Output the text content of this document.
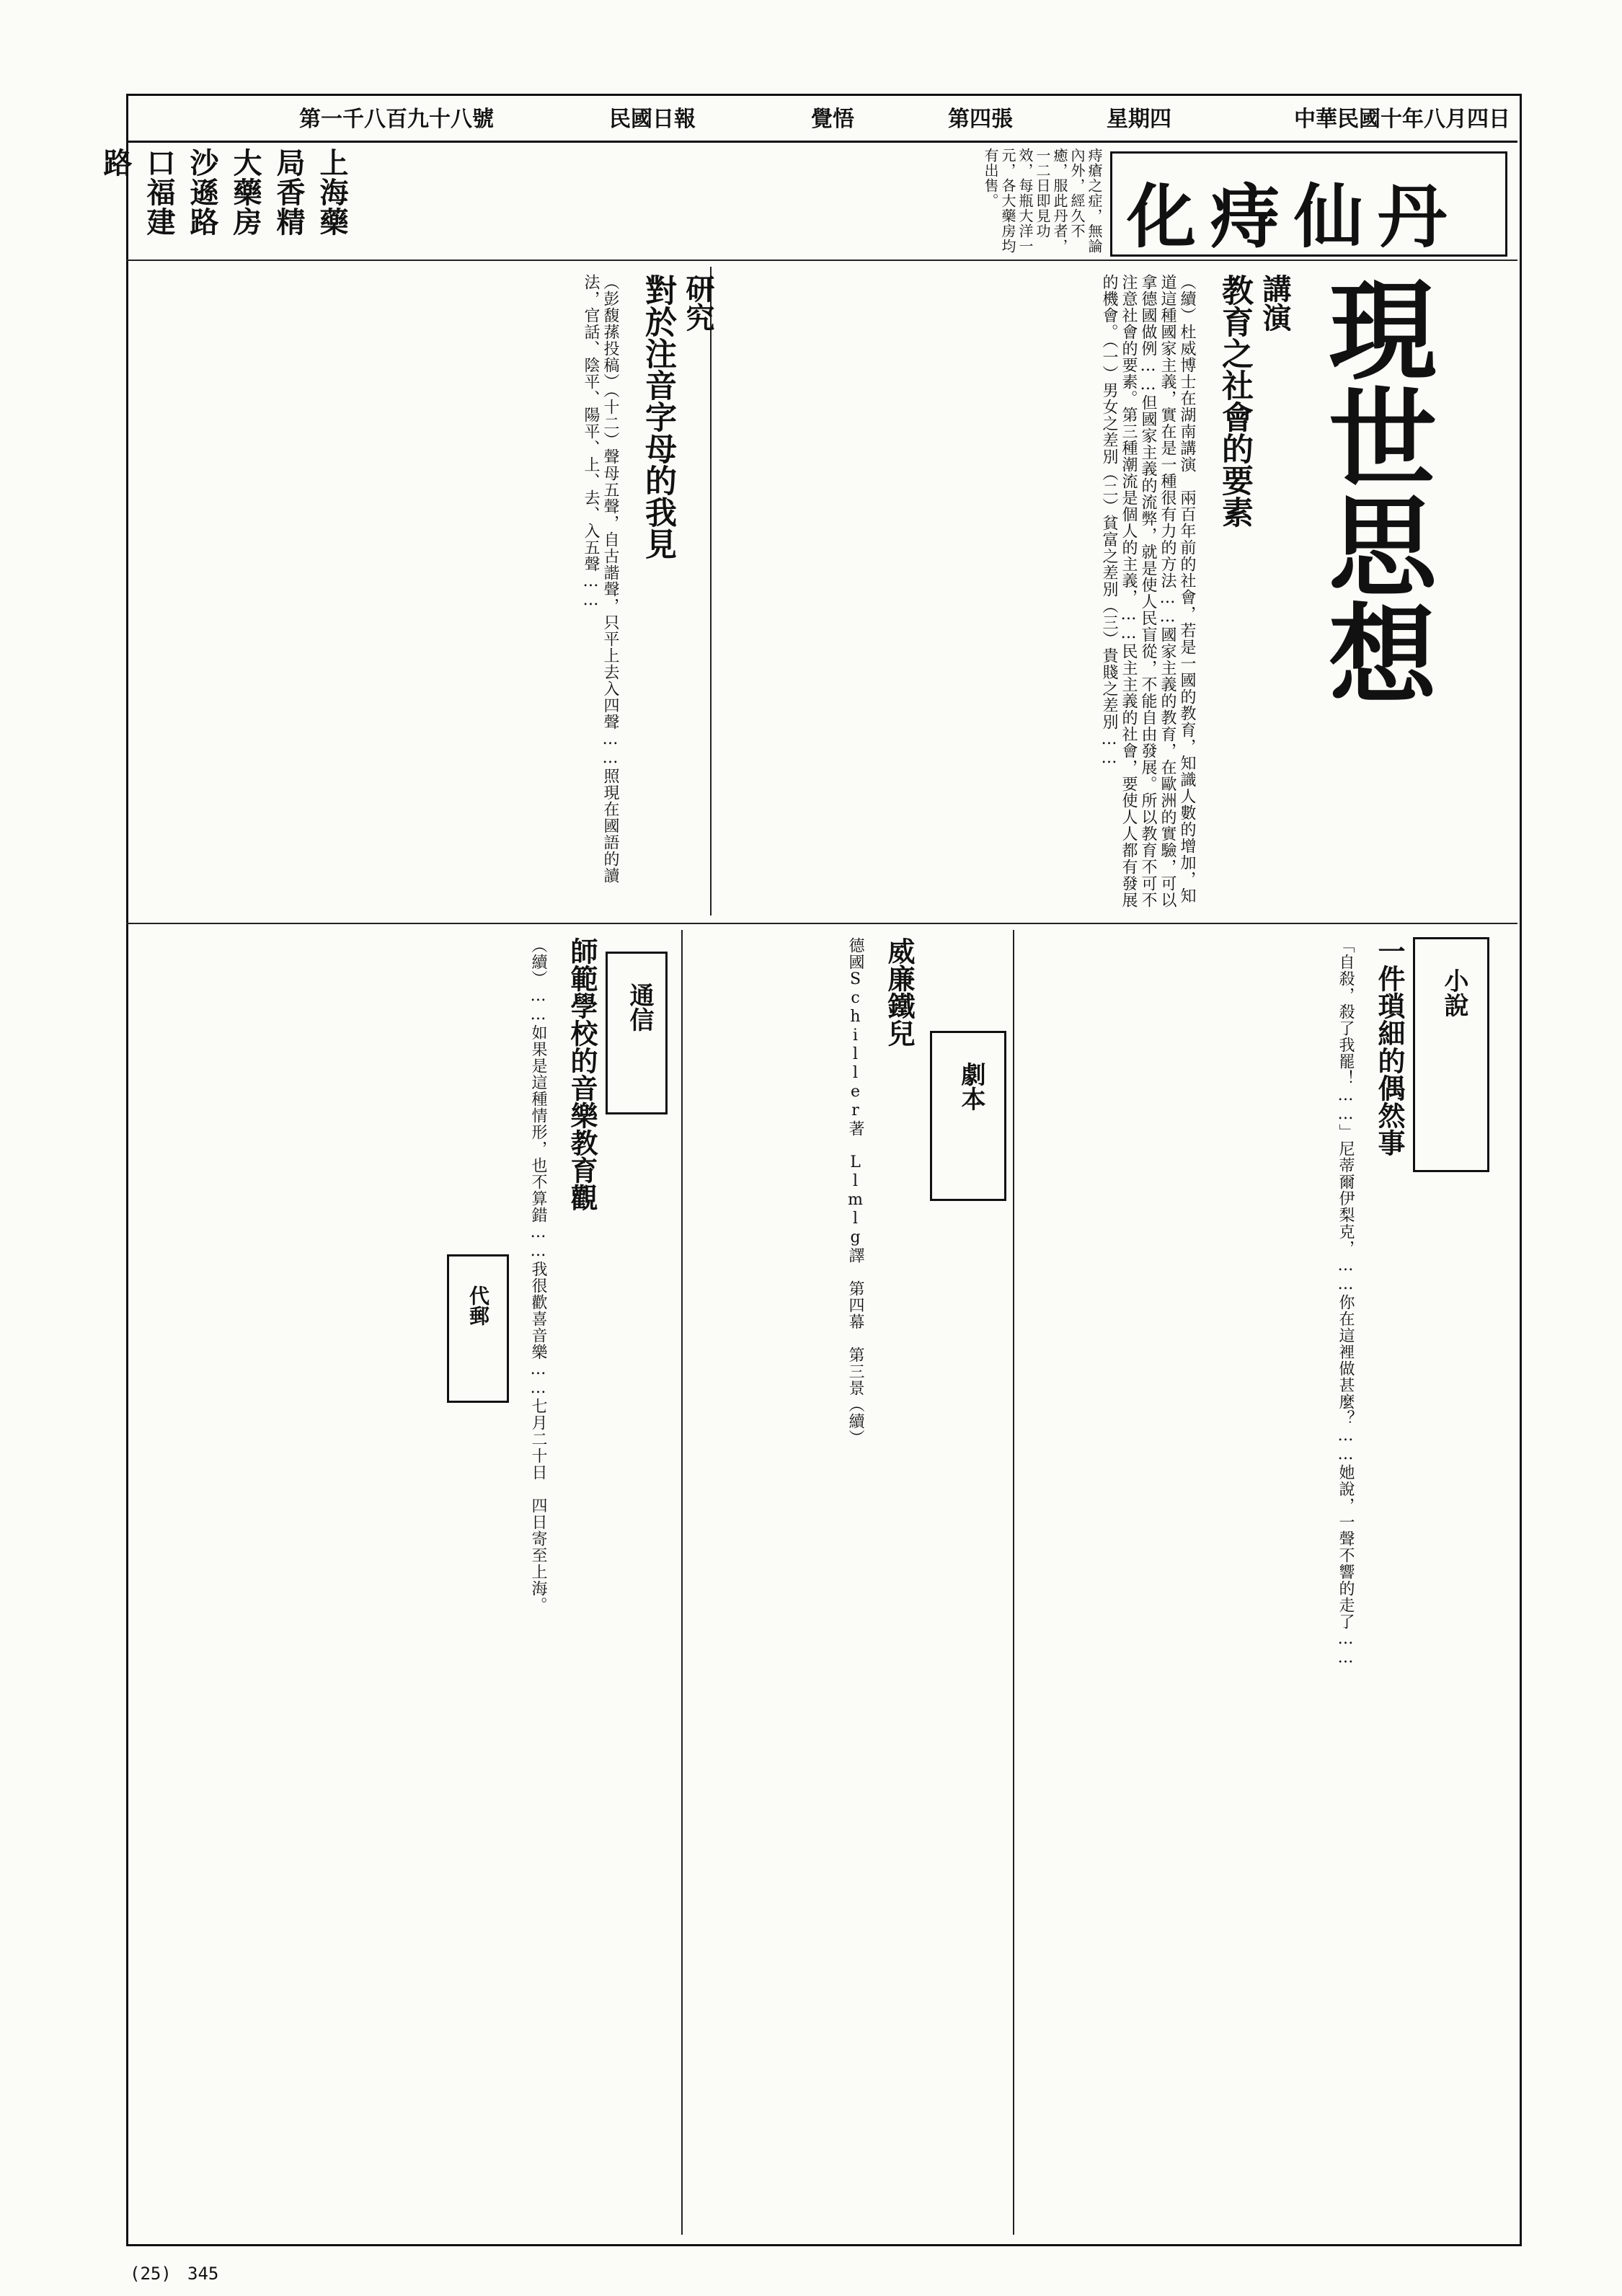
中華民國十年八月四日
星期四
第四張
覺悟
民國日報
第一千八百九十八號
化痔仙丹
痔瘡之症，無論內外，經久不癒，服此丹者，一二日即見功效，每瓶大洋一元，各大藥房均有出售。
上海藥局香精大藥房 沙遜路口福建路
現世思想
講演
教育之社會的要素
（續）杜威博士在湖南講演　兩百年前的社會，若是一國的教育，知識人數的增加，知道這種國家主義，實在是一種很有力的方法……國家主義的教育，在歐洲的實驗，可以拿德國做例……但國家主義的流弊，就是使人民盲從，不能自由發展。所以教育不可不注意社會的要素。第三種潮流是個人的主義，……民主主義的社會，要使人人都有發展的機會。（一）男女之差別（二）貧富之差別（三）貴賤之差別……
研究
對於注音字母的我見
（彭馥蓀投稿）（十二）聲母五聲，自古諧聲，只平上去入四聲……照現在國語的讀法，官話、陰平、陽平、上、去、入五聲……
小說
一件瑣細的偶然事
「自殺，殺了我罷！……」尼蒂爾伊梨克，……你在這裡做甚麼？……她說，一聲不響的走了……
劇本
威廉鐵兒
德國Schiller著　Llmlg譯　第四幕　第三景（續）
通信
師範學校的音樂教育觀
（續）……如果是這種情形，也不算錯……我很歡喜音樂……七月二十日　四日寄至上海。
代郵
(25) 345
